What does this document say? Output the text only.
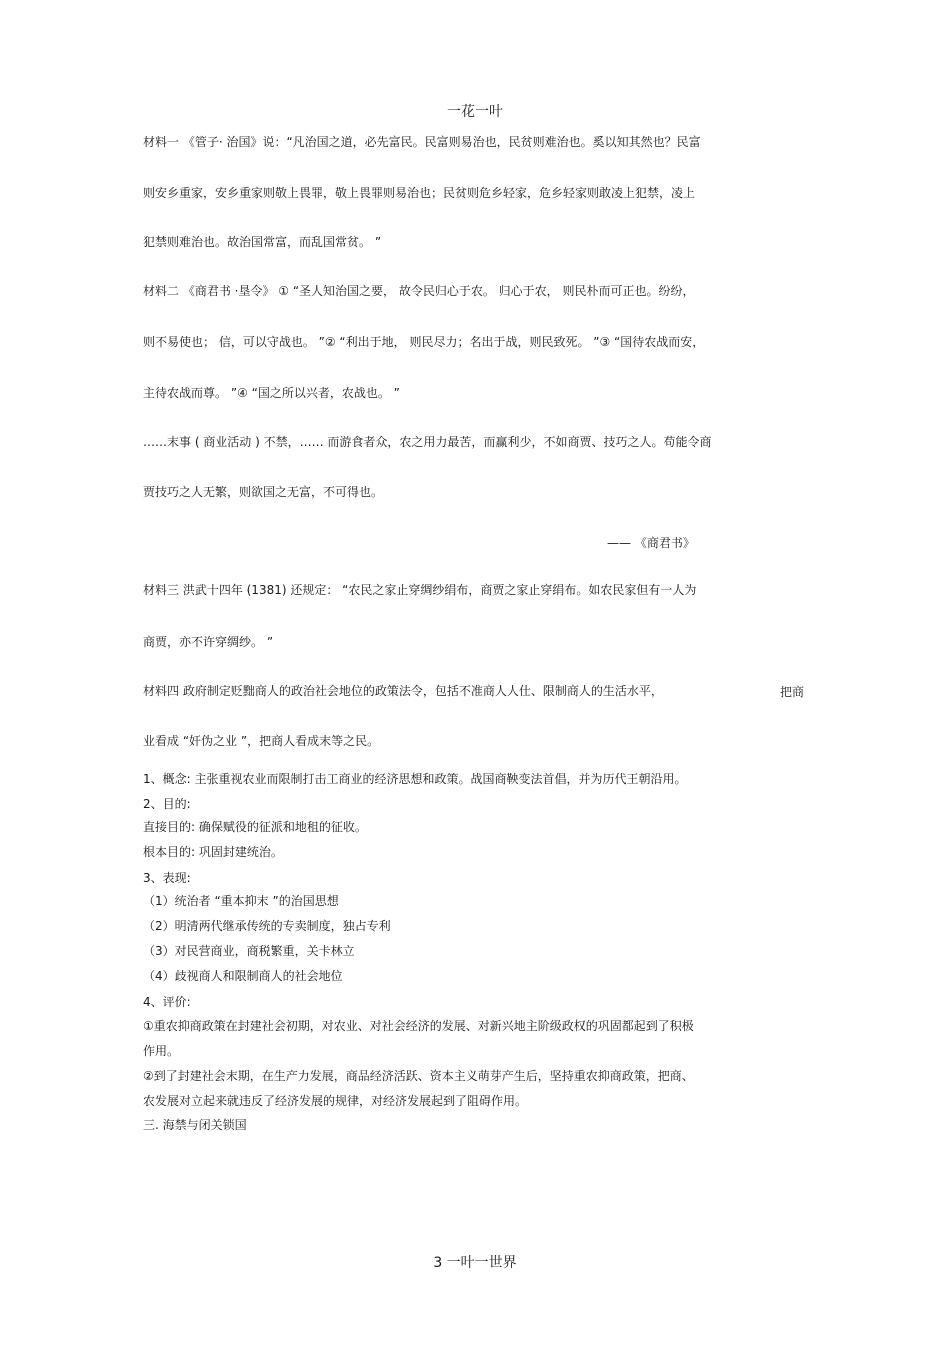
一花一叶
材料一 《管子· 治国》说：“凡治国之道，必先富民。民富则易治也，民贫则难治也。奚以知其然也？民富
则安乡重家，安乡重家则敬上畏罪，敬上畏罪则易治也；民贫则危乡轻家，危乡轻家则敢凌上犯禁，凌上
犯禁则难治也。故治国常富，而乱国常贫。 ”
材料二 《商君书 ·垦令》 ① “圣人知治国之要， 故令民归心于农。 归心于农， 则民朴而可正也。纷纷，
则不易使也； 信，可以守战也。 ”② “利出于地， 则民尽力；名出于战，则民致死。 ”③ “国待农战而安，
主待农战而尊。 ”④ “国之所以兴者，农战也。 ”
……末事 ( 商业活动 ) 不禁，…… 而游食者众，农之用力最苦，而赢利少，不如商贾、技巧之人。苟能令商
贾技巧之人无繁，则欲国之无富，不可得也。
—— 《商君书》
材料三 洪武十四年 (1381) 还规定： “农民之家止穿绸纱绢布，商贾之家止穿绢布。如农民家但有一人为
商贾，亦不许穿绸纱。 ”
材料四 政府制定贬黜商人的政治社会地位的政策法令，包括不准商人人仕、限制商人的生活水平，	把商
业看成 “奸伪之业 ”，把商人看成末等之民。
1、概念: 主张重视农业而限制打击工商业的经济思想和政策。战国商鞅变法首倡，并为历代王朝沿用。
2、目的:
直接目的: 确保赋役的征派和地租的征收。
根本目的: 巩固封建统治。
3、表现:
（1）统治者 “重本抑末 ”的治国思想
（2）明清两代继承传统的专卖制度，独占专利
（3）对民营商业，商税繁重，关卡林立
（4）歧视商人和限制商人的社会地位
4、评价:
①重农抑商政策在封建社会初期，对农业、对社会经济的发展、对新兴地主阶级政权的巩固都起到了积极
作用。
②到了封建社会末期，在生产力发展，商品经济活跃、资本主义萌芽产生后，坚持重农抑商政策，把商、
农发展对立起来就违反了经济发展的规律，对经济发展起到了阻碍作用。
三. 海禁与闭关锁国
3 一叶一世界
